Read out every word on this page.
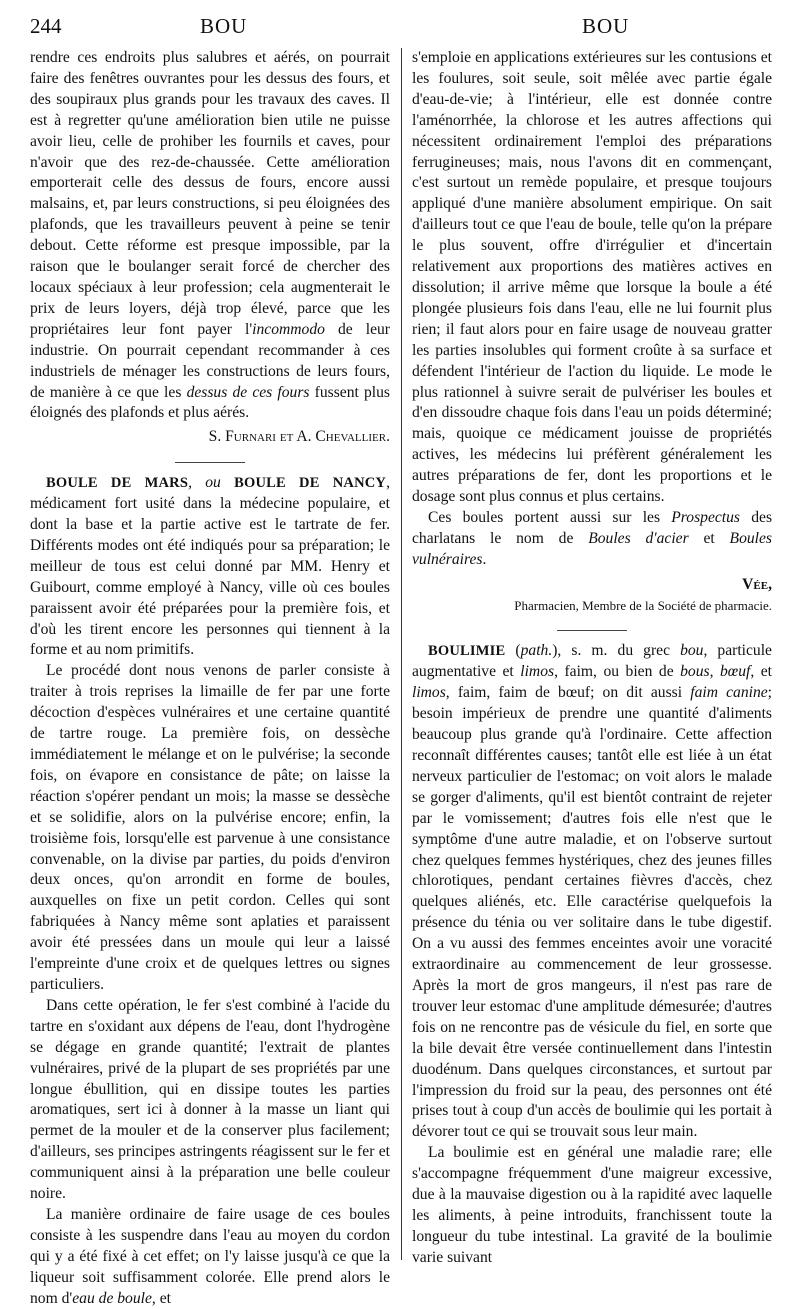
244	BOU	BOU

rendre ces endroits plus salubres et aérés, on pourrait faire des fenêtres ouvrantes pour les dessus des fours, et des soupiraux plus grands pour les travaux des caves. Il est à regretter qu'une amélioration bien utile ne puisse avoir lieu, celle de prohiber les fournils et caves, pour n'avoir que des rez-de-chaussée. Cette amélioration emporterait celle des dessus de fours, encore aussi malsains, et, par leurs constructions, si peu éloignées des plafonds, que les travailleurs peuvent à peine se tenir debout. Cette réforme est presque impossible, par la raison que le boulanger serait forcé de chercher des locaux spéciaux à leur profession; cela augmenterait le prix de leurs loyers, déjà trop élevé, parce que les propriétaires leur font payer l'incommodo de leur industrie. On pourrait cependant recommander à ces industriels de ménager les constructions de leurs fours, de manière à ce que les dessus de ces fours fussent plus éloignés des plafonds et plus aérés.

S. Furnari et A. Chevallier.

BOULE DE MARS, ou BOULE DE NANCY, médicament fort usité dans la médecine populaire, et dont la base et la partie active est le tartrate de fer. Différents modes ont été indiqués pour sa préparation; le meilleur de tous est celui donné par MM. Henry et Guibourt, comme employé à Nancy, ville où ces boules paraissent avoir été préparées pour la première fois, et d'où les tirent encore les personnes qui tiennent à la forme et au nom primitifs.

Le procédé dont nous venons de parler consiste à traiter à trois reprises la limaille de fer par une forte décoction d'espèces vulnéraires et une certaine quantité de tartre rouge. La première fois, on dessèche immédiatement le mélange et on le pulvérise; la seconde fois, on évapore en consistance de pâte; on laisse la réaction s'opérer pendant un mois; la masse se dessèche et se solidifie, alors on la pulvérise encore; enfin, la troisième fois, lorsqu'elle est parvenue à une consistance convenable, on la divise par parties, du poids d'environ deux onces, qu'on arrondit en forme de boules, auxquelles on fixe un petit cordon. Celles qui sont fabriquées à Nancy même sont aplaties et paraissent avoir été pressées dans un moule qui leur a laissé l'empreinte d'une croix et de quelques lettres ou signes particuliers.

Dans cette opération, le fer s'est combiné à l'acide du tartre en s'oxidant aux dépens de l'eau, dont l'hydrogène se dégage en grande quantité; l'extrait de plantes vulnéraires, privé de la plupart de ses propriétés par une longue ébullition, qui en dissipe toutes les parties aromatiques, sert ici à donner à la masse un liant qui permet de la mouler et de la conserver plus facilement; d'ailleurs, ses principes astringents réagissent sur le fer et communiquent ainsi à la préparation une belle couleur noire.

La manière ordinaire de faire usage de ces boules consiste à les suspendre dans l'eau au moyen du cordon qui y a été fixé à cet effet; on l'y laisse jusqu'à ce que la liqueur soit suffisamment colorée. Elle prend alors le nom d'eau de boule, et

s'emploie en applications extérieures sur les contusions et les foulures, soit seule, soit mêlée avec partie égale d'eau-de-vie; à l'intérieur, elle est donnée contre l'aménorrhée, la chlorose et les autres affections qui nécessitent ordinairement l'emploi des préparations ferrugineuses; mais, nous l'avons dit en commençant, c'est surtout un remède populaire, et presque toujours appliqué d'une manière absolument empirique. On sait d'ailleurs tout ce que l'eau de boule, telle qu'on la prépare le plus souvent, offre d'irrégulier et d'incertain relativement aux proportions des matières actives en dissolution; il arrive même que lorsque la boule a été plongée plusieurs fois dans l'eau, elle ne lui fournit plus rien; il faut alors pour en faire usage de nouveau gratter les parties insolubles qui forment croûte à sa surface et défendent l'intérieur de l'action du liquide. Le mode le plus rationnel à suivre serait de pulvériser les boules et d'en dissoudre chaque fois dans l'eau un poids déterminé; mais, quoique ce médicament jouisse de propriétés actives, les médecins lui préfèrent généralement les autres préparations de fer, dont les proportions et le dosage sont plus connus et plus certains.

Ces boules portent aussi sur les Prospectus des charlatans le nom de Boules d'acier et Boules vulnéraires.

Vée,

Pharmacien, Membre de la Société de pharmacie.

BOULIMIE (path.), s. m. du grec bou, particule augmentative et limos, faim, ou bien de bous, bœuf, et limos, faim, faim de bœuf; on dit aussi faim canine; besoin impérieux de prendre une quantité d'aliments beaucoup plus grande qu'à l'ordinaire. Cette affection reconnaît différentes causes; tantôt elle est liée à un état nerveux particulier de l'estomac; on voit alors le malade se gorger d'aliments, qu'il est bientôt contraint de rejeter par le vomissement; d'autres fois elle n'est que le symptôme d'une autre maladie, et on l'observe surtout chez quelques femmes hystériques, chez des jeunes filles chlorotiques, pendant certaines fièvres d'accès, chez quelques aliénés, etc. Elle caractérise quelquefois la présence du ténia ou ver solitaire dans le tube digestif. On a vu aussi des femmes enceintes avoir une voracité extraordinaire au commencement de leur grossesse. Après la mort de gros mangeurs, il n'est pas rare de trouver leur estomac d'une amplitude démesurée; d'autres fois on ne rencontre pas de vésicule du fiel, en sorte que la bile devait être versée continuellement dans l'intestin duodénum. Dans quelques circonstances, et surtout par l'impression du froid sur la peau, des personnes ont été prises tout à coup d'un accès de boulimie qui les portait à dévorer tout ce qui se trouvait sous leur main.

La boulimie est en général une maladie rare; elle s'accompagne fréquemment d'une maigreur excessive, due à la mauvaise digestion ou à la rapidité avec laquelle les aliments, à peine introduits, franchissent toute la longueur du tube intestinal. La gravité de la boulimie varie suivant
